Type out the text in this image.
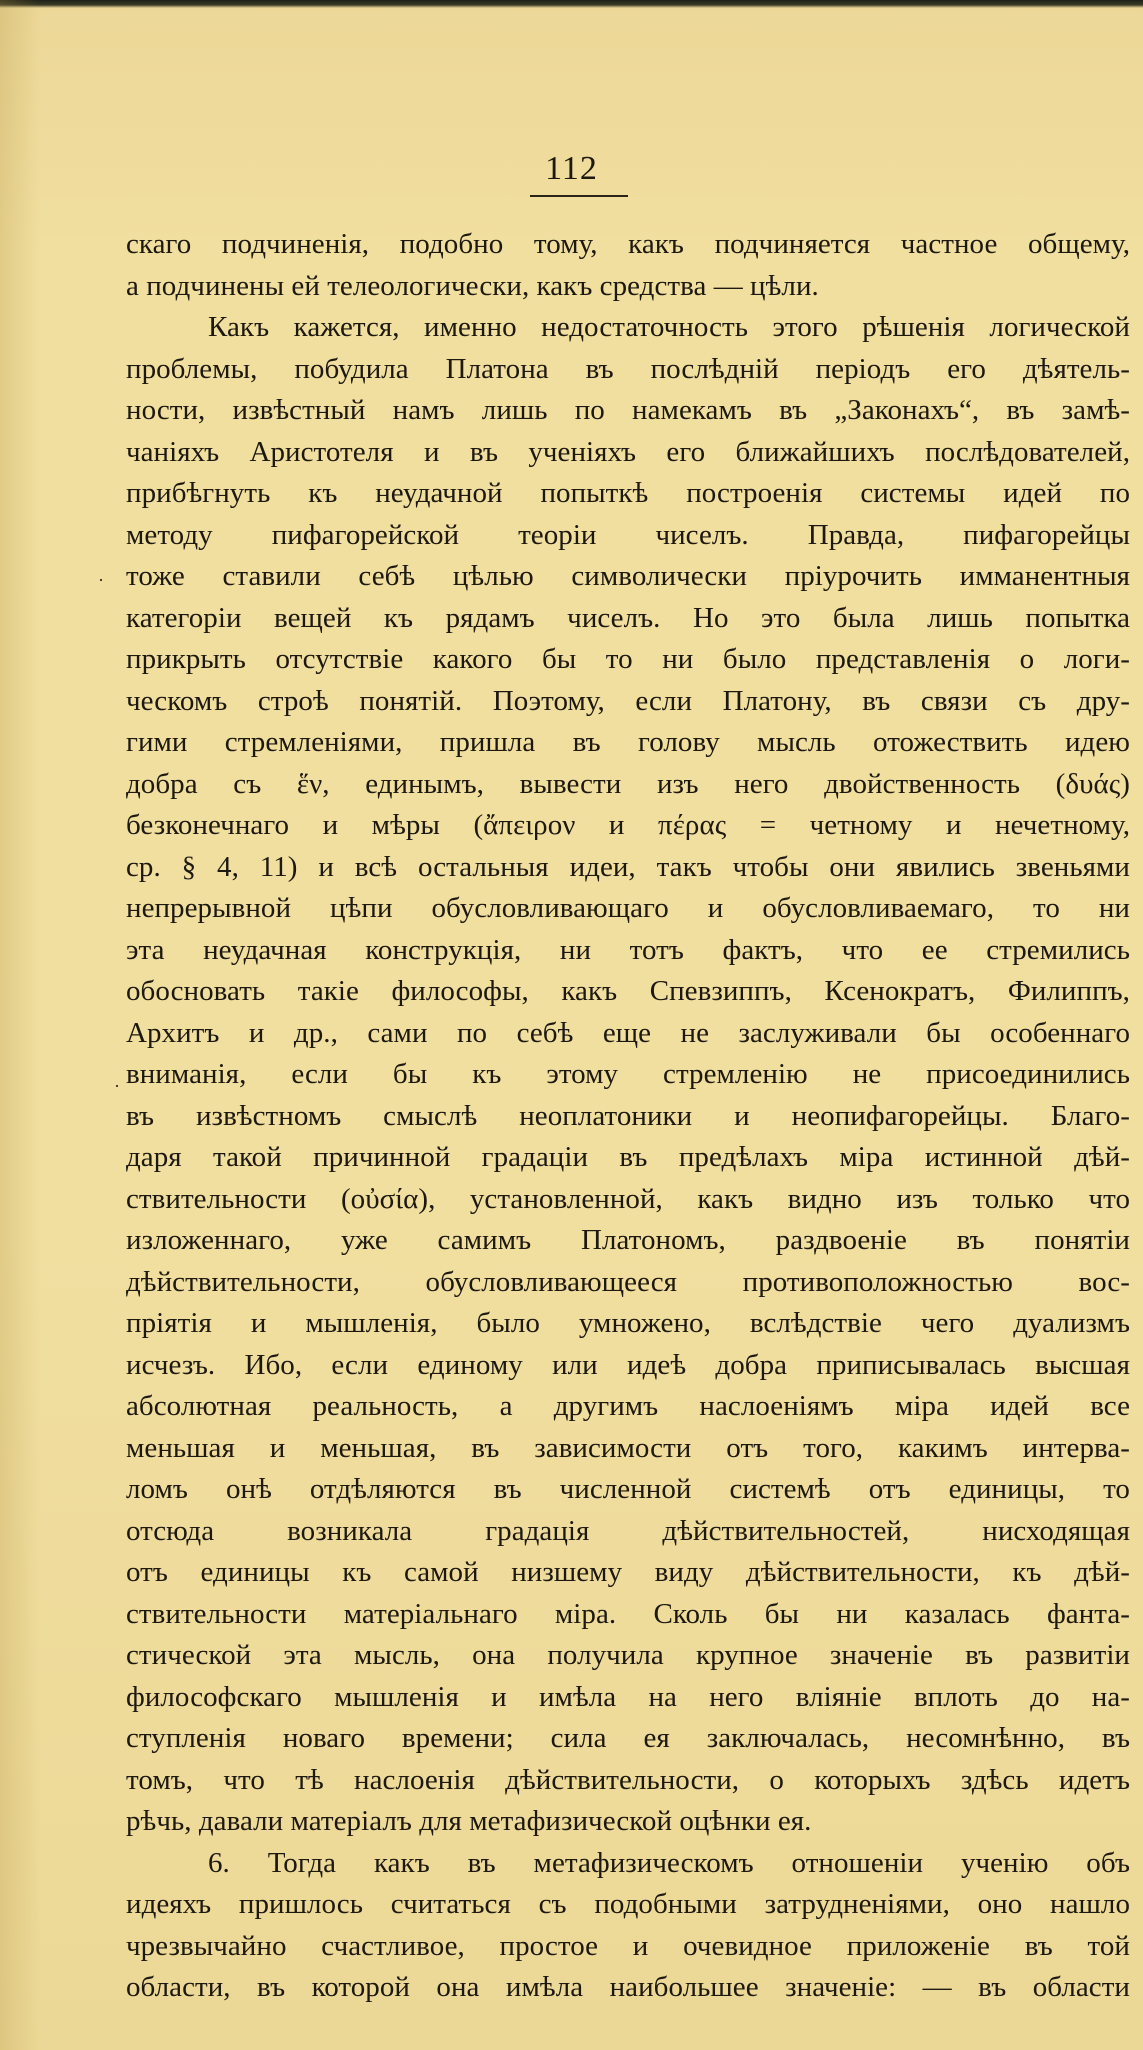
112
·
·
скаго подчиненія, подобно тому, какъ подчиняется частное общему,
а подчинены ей телеологически, какъ средства — цѣли.
Какъ кажется, именно недостаточность этого рѣшенія логической
проблемы, побудила Платона въ послѣдній періодъ его дѣятель-
ности, извѣстный намъ лишь по намекамъ въ „Законахъ“, въ замѣ-
чаніяхъ Аристотеля и въ ученіяхъ его ближайшихъ послѣдователей,
прибѣгнуть къ неудачной попыткѣ построенія системы идей по
методу пифагорейской теоріи чиселъ. Правда, пифагорейцы
тоже ставили себѣ цѣлью символически пріурочить имманентныя
категоріи вещей къ рядамъ чиселъ. Но это была лишь попытка
прикрыть отсутствіе какого бы то ни было представленія о логи-
ческомъ строѣ понятій. Поэтому, если Платону, въ связи съ дру-
гими стремленіями, пришла въ голову мысль отожествить идею
добра съ ἕν, единымъ, вывести изъ него двойственность (δυάς)
безконечнаго и мѣры (ἄπειρον и πέρας = четному и нечетному,
ср. § 4, 11) и всѣ остальныя идеи, такъ чтобы они явились звеньями
непрерывной цѣпи обусловливающаго и обусловливаемаго, то ни
эта неудачная конструкція, ни тотъ фактъ, что ее стремились
обосновать такіе философы, какъ Спевзиппъ, Ксенократъ, Филиппъ,
Архитъ и др., сами по себѣ еще не заслуживали бы особеннаго
вниманія, если бы къ этому стремленію не присоединились
въ извѣстномъ смыслѣ неоплатоники и неопифагорейцы. Благо-
даря такой причинной градаціи въ предѣлахъ міра истинной дѣй-
ствительности (οὐσία), установленной, какъ видно изъ только что
изложеннаго, уже самимъ Платономъ, раздвоеніе въ понятіи
дѣйствительности, обусловливающееся противоположностью вос-
пріятія и мышленія, было умножено, вслѣдствіе чего дуализмъ
исчезъ. Ибо, если единому или идеѣ добра приписывалась высшая
абсолютная реальность, а другимъ наслоеніямъ міра идей все
меньшая и меньшая, въ зависимости отъ того, какимъ интерва-
ломъ онѣ отдѣляются въ численной системѣ отъ единицы, то
отсюда возникала градація дѣйствительностей, нисходящая
отъ единицы къ самой низшему виду дѣйствительности, къ дѣй-
ствительности матеріальнаго міра. Сколь бы ни казалась фанта-
стической эта мысль, она получила крупное значеніе въ развитіи
философскаго мышленія и имѣла на него вліяніе вплоть до на-
ступленія новаго времени; сила ея заключалась, несомнѣнно, въ
томъ, что тѣ наслоенія дѣйствительности, о которыхъ здѣсь идетъ
рѣчь, давали матеріалъ для метафизической оцѣнки ея.
6. Тогда какъ въ метафизическомъ отношеніи ученію объ
идеяхъ пришлось считаться съ подобными затрудненіями, оно нашло
чрезвычайно счастливое, простое и очевидное приложеніе въ той
области, въ которой она имѣла наибольшее значеніе: — въ области
